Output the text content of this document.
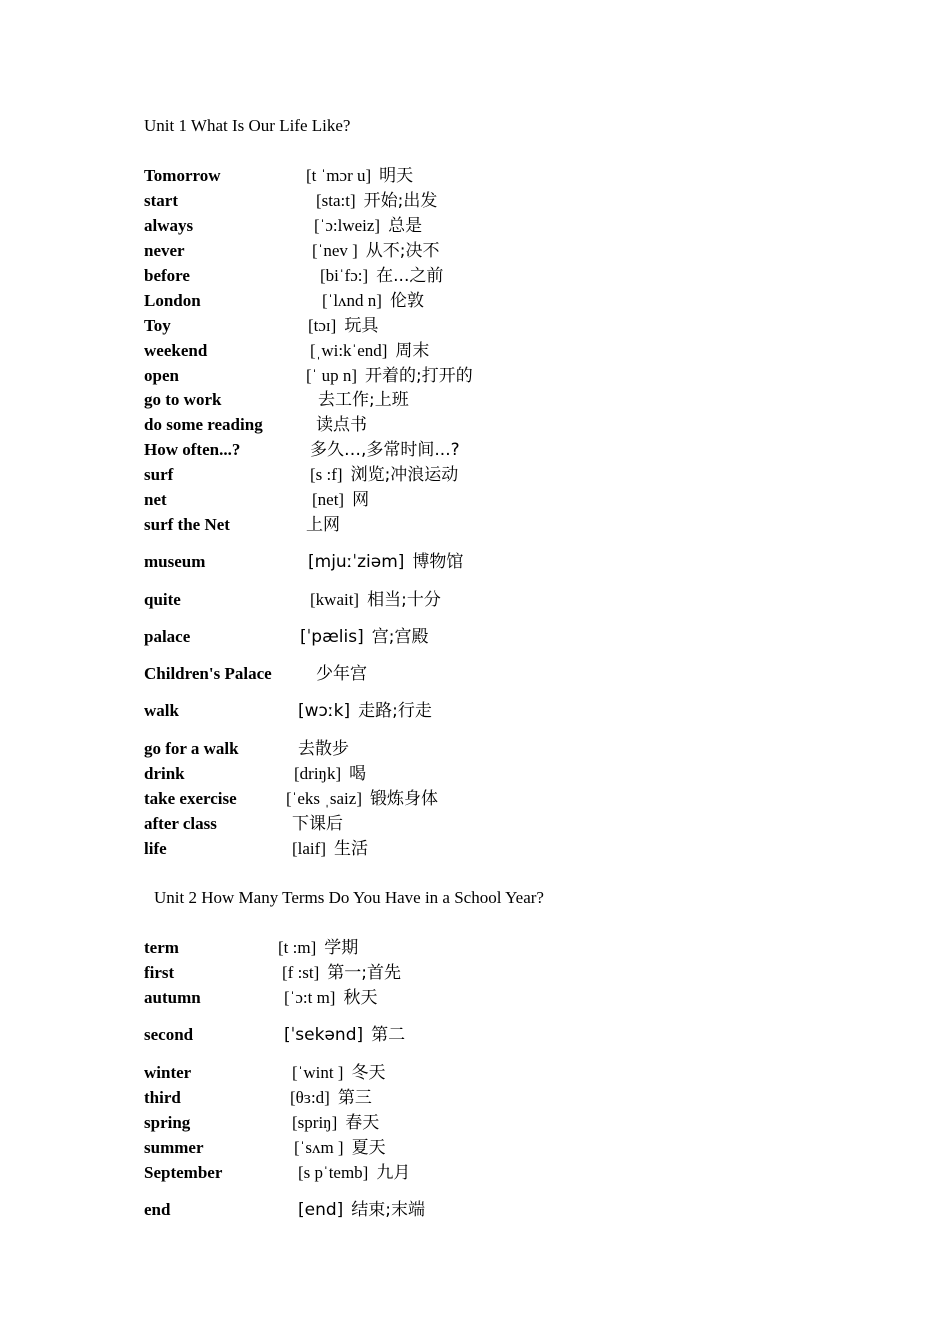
Unit 1 What Is Our Life Like?
Tomorrow	[t ˈmɔr u] 明天
start	[sta:t] 开始;出发
always	[ˈɔ:lweiz] 总是
never	[ˈnev ] 从不;决不
before	[biˈfɔ:] 在...之前
London	[ˈlʌnd n] 伦敦
Toy	[tɔɪ] 玩具
weekend	[ˌwi:kˈend] 周末
open	[ˈ up n] 开着的;打开的
go to work	去工作;上班
do some reading	读点书
How often...?	多久…,多常时间...?
surf	[s :f] 浏览;冲浪运动
net	[net] 网
surf the Net	上网
museum	[mjuːˈziəm] 博物馆
quite	[kwait] 相当;十分
palace	[ˈpælis] 宫;宫殿
Children's Palace	少年宫
walk	[wɔːk] 走路;行走
go for a walk	去散步
drink	[driŋk] 喝
take exercise	[ˈeks ˌsaiz] 锻炼身体
after class	下课后
life	[laif] 生活
Unit 2 How Many Terms Do You Have in a School Year?
term	[t :m] 学期
first	[f :st] 第一;首先
autumn	[ˈɔ:t m] 秋天
second	[ˈsekənd] 第二
winter	[ˈwint ] 冬天
third	[θɜ:d] 第三
spring	[spriŋ] 春天
summer	[ˈsʌm ] 夏天
September	[s pˈtemb] 九月
end	[end] 结束;末端
